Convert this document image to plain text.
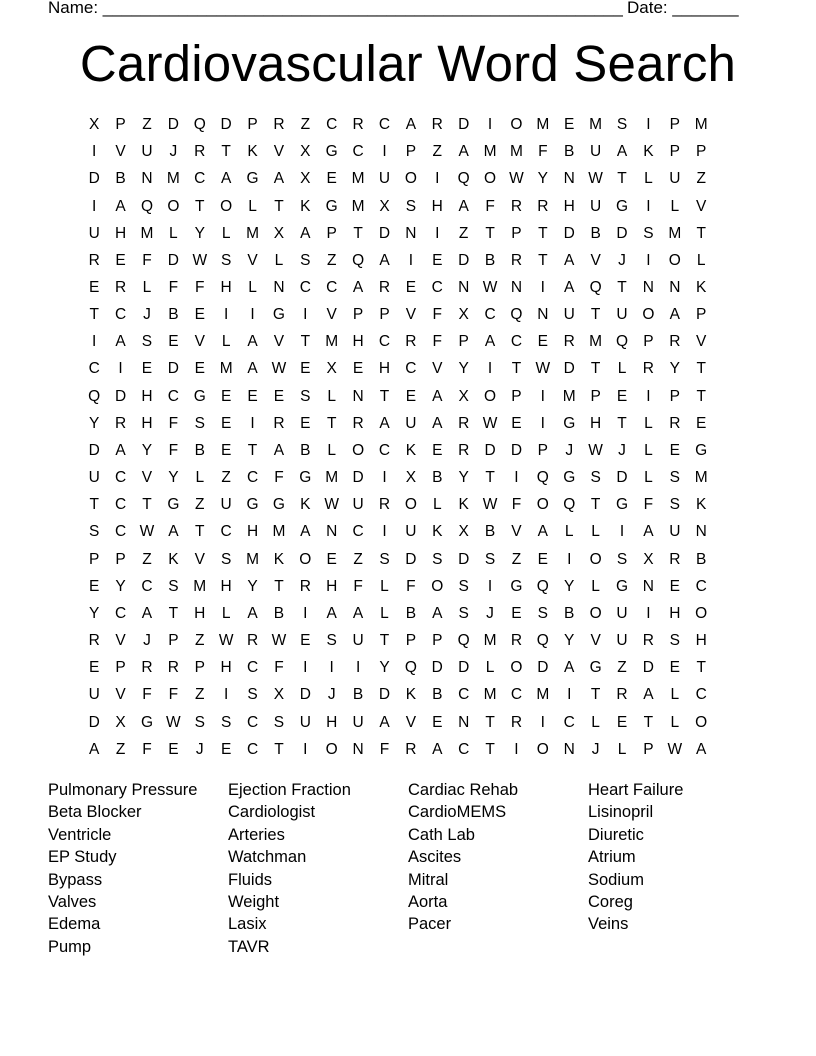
Name: _______________________________________________________ Date: _______
Cardiovascular Word Search
X	P	Z	D Q D	P	R	Z	C R C	A	R D	I	O M E M S	I	P M
I	V	U	J	R	T	K	V	X G C	I	P	Z	A M M F	B	U	A	K	P	P
D	B	N M C	A G A	X	E M U O	I	Q O W Y	N W T	L	U	Z
I	A Q O	T	O	L	T	K G M X	S	H	A	F	R R H U G	I	L	V
U H M	L	Y	L	M X	A	P	T	D N	I	Z	T	P	T	D	B	D	S M T
R	E	F	D W S	V	L	S	Z	Q A	I	E	D	B	R	T	A	V	J	I	O	L
E	R	L	F	F	H	L	N C C	A	R	E	C N W N	I	A Q	T	N N	K
T	C	J	B	E	I	I	G	I	V	P	P	V	F	X	C Q N U	T	U O A	P
I	A	S	E	V	L	A	V	T M H C R	F	P	A	C	E	R M Q P	R	V
C	I	E	D	E M A W E	X	E	H C	V	Y	I	T W D	T	L	R	Y	T
Q D H C G E	E	E	S	L	N	T	E	A	X O P	I	M P	E	I	P	T
Y	R H	F	S	E	I	R	E	T	R	A	U	A	R W E	I	G H	T	L	R	E
D	A	Y	F	B	E	T	A	B	L	O C	K	E	R D D	P	J W J	L	E G
U C	V	Y	L	Z	C	F	G M D	I	X	B	Y	T	I	Q G S	D	L	S M
T	C	T	G	Z	U G G K W U R O	L	K W F	O Q	T	G	F	S	K
S	C W A	T	C H M A	N C	I	U	K	X	B	V	A	L	L	I	A	U N
P	P	Z	K	V	S M K O E	Z	S	D	S	D	S	Z	E	I	O S	X	R	B
E	Y	C	S M H	Y	T	R H	F	L	F	O S	I	G Q Y	L	G N	E	C
Y	C	A	T	H	L	A	B	I	A	A	L	B	A	S	J	E	S	B O U	I	H O
R	V	J	P	Z W R W E	S	U	T	P	P Q M R Q Y	V	U R	S	H
E	P	R R	P	H C	F	I	I	I	Y Q D D	L	O D	A G	Z	D	E	T
U	V	F	F	Z	I	S	X	D	J	B	D	K	B	C M C M	I	T	R	A	L	C
D	X G W S	S	C	S	U H U	A	V	E	N	T	R	I	C	L	E	T	L	O
A	Z	F	E	J	E	C	T	I	O N	F	R	A	C	T	I	O N	J	L	P W A
Pulmonary Pressure
Beta Blocker
Ventricle
EP Study
Bypass
Valves
Edema
Pump
Ejection Fraction
Cardiologist
Arteries
Watchman
Fluids
Weight
Lasix
TAVR
Cardiac Rehab
CardioMEMS
Cath Lab
Ascites
Mitral
Aorta
Pacer
Heart Failure
Lisinopril
Diuretic
Atrium
Sodium
Coreg
Veins
